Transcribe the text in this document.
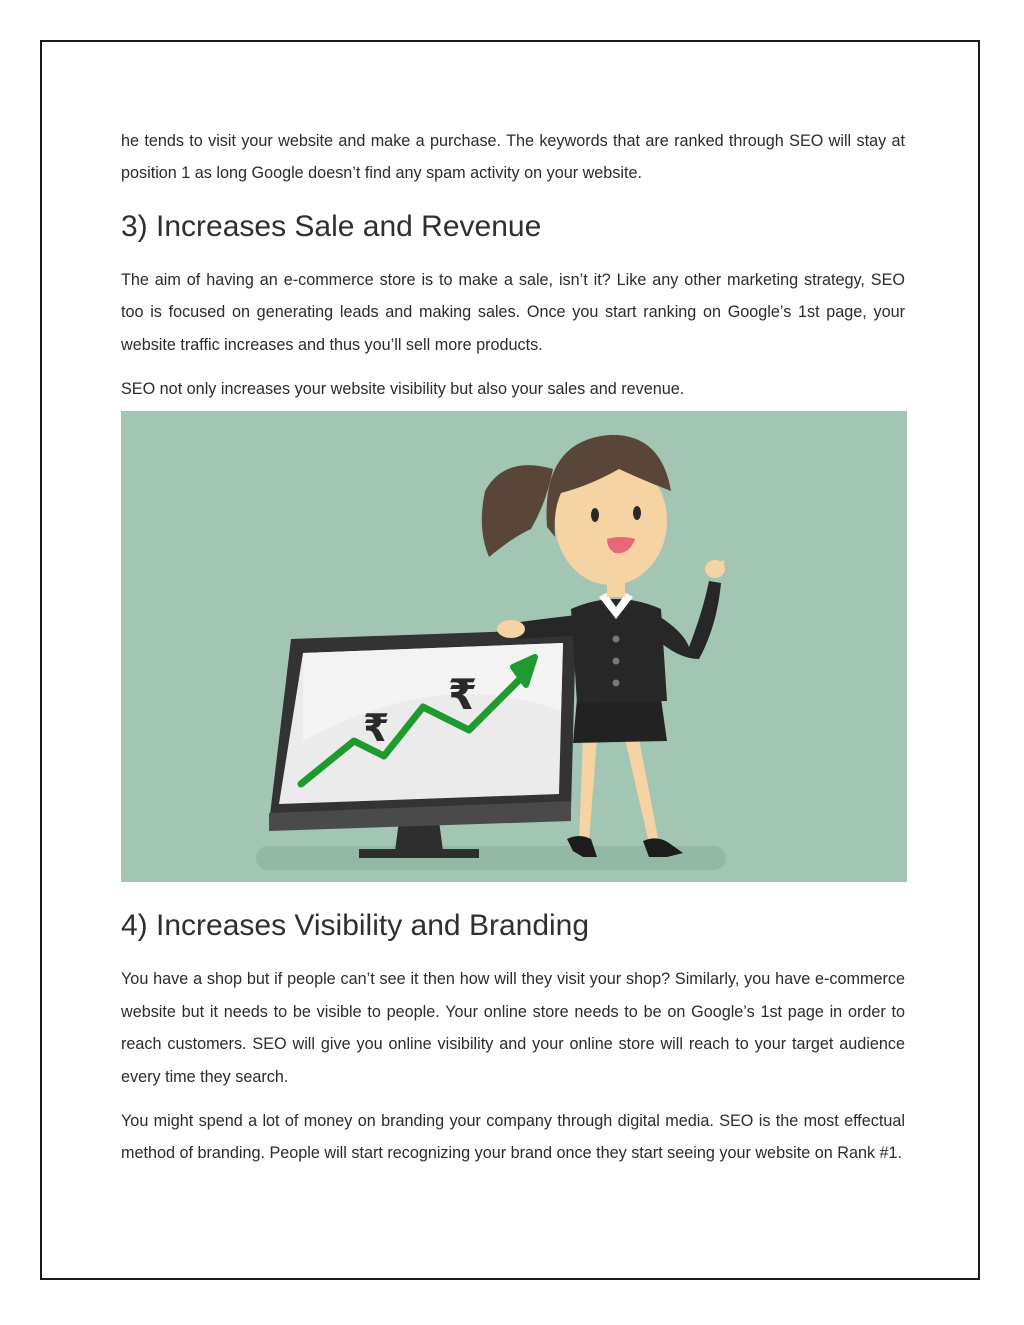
he tends to visit your website and make a purchase. The keywords that are ranked through SEO will stay at position 1 as long Google doesn’t find any spam activity on your website.

3) Increases Sale and Revenue

The aim of having an e-commerce store is to make a sale, isn’t it? Like any other marketing strategy, SEO too is focused on generating leads and making sales. Once you start ranking on Google’s 1st page, your website traffic increases and thus you’ll sell more products.

SEO not only increases your website visibility but also your sales and revenue.

₹
₹
4) Increases Visibility and Branding

You have a shop but if people can’t see it then how will they visit your shop? Similarly, you have e-commerce website but it needs to be visible to people. Your online store needs to be on Google’s 1st page in order to reach customers. SEO will give you online visibility and your online store will reach to your target audience every time they search.

You might spend a lot of money on branding your company through digital media. SEO is the most effectual method of branding. People will start recognizing your brand once they start seeing your website on Rank #1.
